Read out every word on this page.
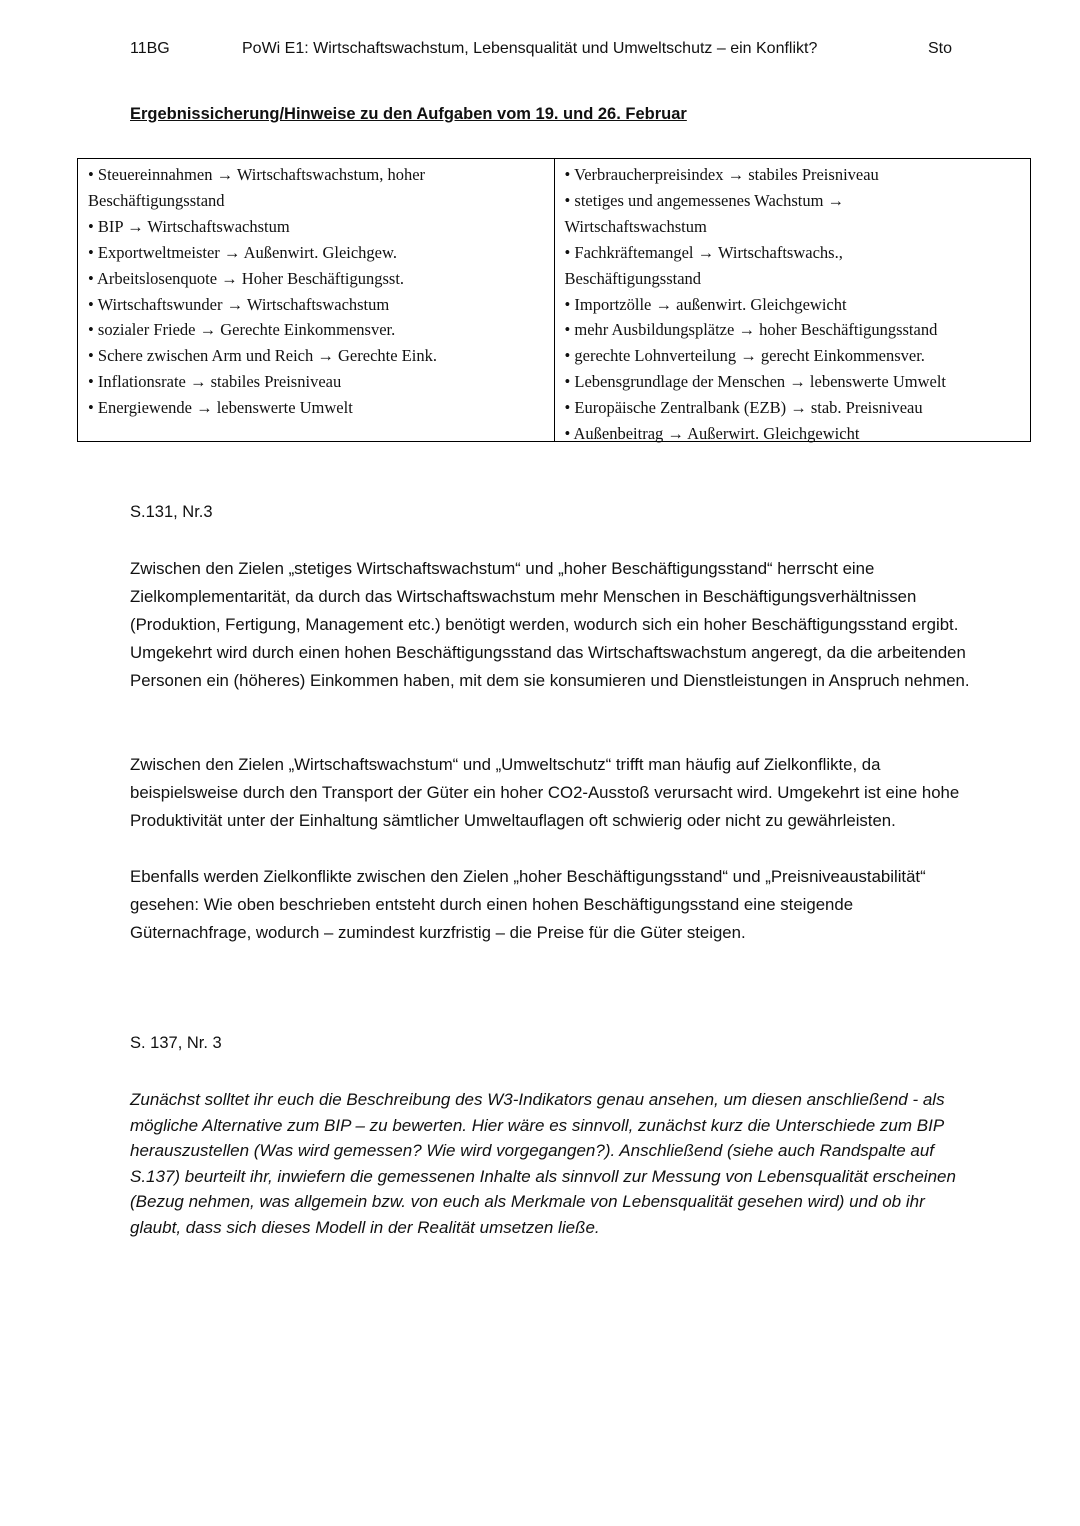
11BG	PoWi E1: Wirtschaftswachstum, Lebensqualität und Umweltschutz – ein Konflikt?	Sto
Ergebnissicherung/Hinweise zu den Aufgaben vom 19. und 26. Februar
• Steuereinnahmen → Wirtschaftswachstum, hoher Beschäftigungsstand
• BIP → Wirtschaftswachstum
• Exportweltmeister → Außenwirt. Gleichgew.
• Arbeitslosenquote → Hoher Beschäftigungsst.
• Wirtschaftswunder → Wirtschaftswachstum
• sozialer Friede → Gerechte Einkommensver.
• Schere zwischen Arm und Reich → Gerechte Eink.
• Inflationsrate → stabiles Preisniveau
• Energiewende → lebenswerte Umwelt
• Verbraucherpreisindex → stabiles Preisniveau
• stetiges und angemessenes Wachstum → Wirtschaftswachstum
• Fachkräftemangel → Wirtschaftswachs., Beschäftigungsstand
• Importzölle → außenwirt. Gleichgewicht
• mehr Ausbildungsplätze → hoher Beschäftigungsstand
• gerechte Lohnverteilung → gerecht Einkommensver.
• Lebensgrundlage der Menschen → lebenswerte Umwelt
• Europäische Zentralbank (EZB) → stab. Preisniveau
• Außenbeitrag → Außerwirt. Gleichgewicht
S.131, Nr.3
Zwischen den Zielen „stetiges Wirtschaftswachstum“ und „hoher Beschäftigungsstand“ herrscht eine Zielkomplementarität, da durch das Wirtschaftswachstum mehr Menschen in Beschäftigungsverhältnissen (Produktion, Fertigung, Management etc.) benötigt werden, wodurch sich ein hoher Beschäftigungsstand ergibt. Umgekehrt wird durch einen hohen Beschäftigungsstand das Wirtschaftswachstum angeregt, da die arbeitenden Personen ein (höheres) Einkommen haben, mit dem sie konsumieren und Dienstleistungen in Anspruch nehmen.
Zwischen den Zielen „Wirtschaftswachstum“ und „Umweltschutz“ trifft man häufig auf Zielkonflikte, da beispielsweise durch den Transport der Güter ein hoher CO2-Ausstoß verursacht wird. Umgekehrt ist eine hohe Produktivität unter der Einhaltung sämtlicher Umweltauflagen oft schwierig oder nicht zu gewährleisten.
Ebenfalls werden Zielkonflikte zwischen den Zielen „hoher Beschäftigungsstand“ und „Preisniveaustabilität“ gesehen: Wie oben beschrieben entsteht durch einen hohen Beschäftigungsstand eine steigende Güternachfrage, wodurch – zumindest kurzfristig – die Preise für die Güter steigen.
S. 137, Nr. 3
Zunächst solltet ihr euch die Beschreibung des W3-Indikators genau ansehen, um diesen anschließend - als mögliche Alternative zum BIP – zu bewerten. Hier wäre es sinnvoll, zunächst kurz die Unterschiede zum BIP herauszustellen (Was wird gemessen? Wie wird vorgegangen?). Anschließend (siehe auch Randspalte auf S.137) beurteilt ihr, inwiefern die gemessenen Inhalte als sinnvoll zur Messung von Lebensqualität erscheinen (Bezug nehmen, was allgemein bzw. von euch als Merkmale von Lebensqualität gesehen wird) und ob ihr glaubt, dass sich dieses Modell in der Realität umsetzen ließe.
